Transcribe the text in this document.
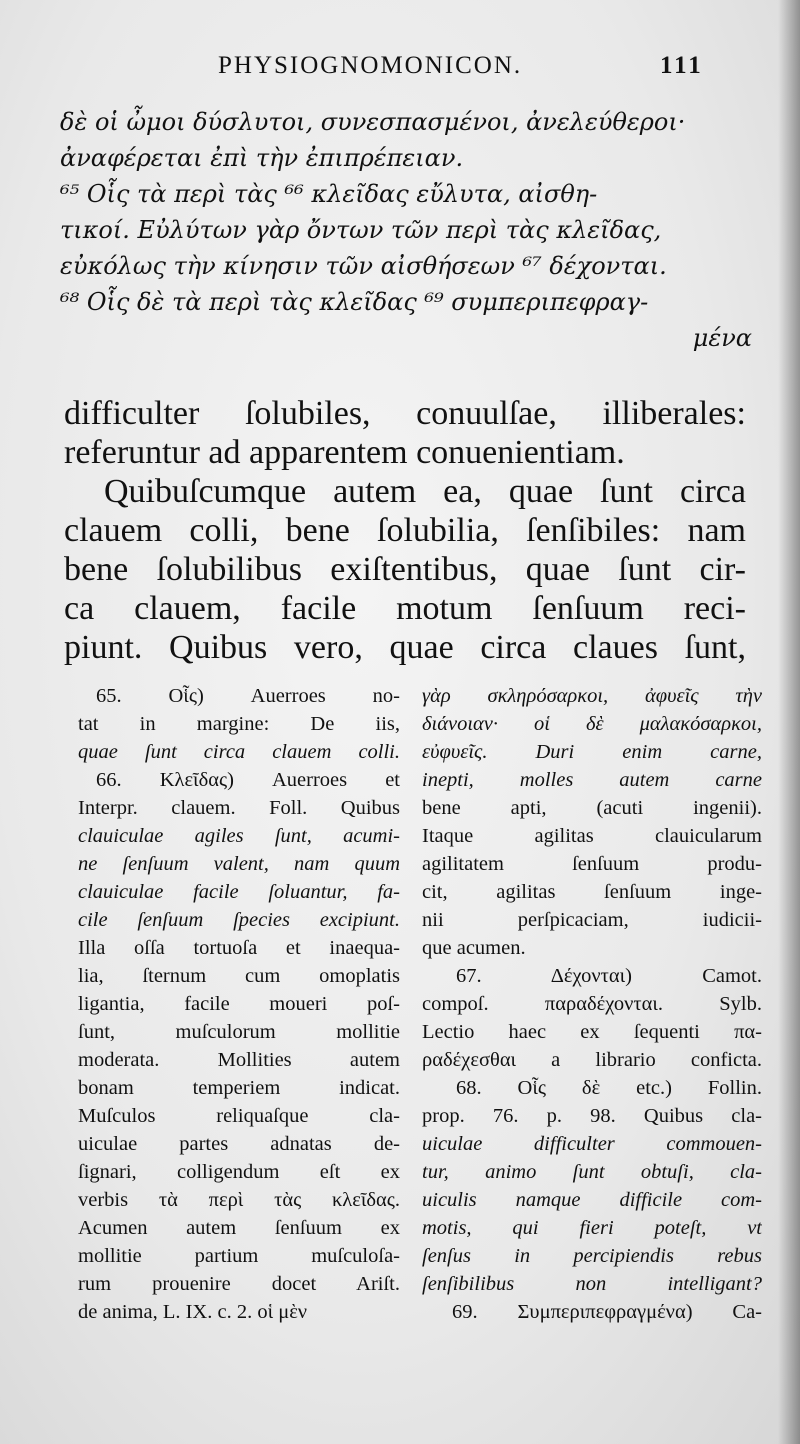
PHYSIOGNOMONICON.	111
δὲ οἱ ὦμοι δύσλυτοι, συνεσπασμένοι, ἀνελεύθεροι·
ἀναφέρεται ἐπὶ τὴν ἐπιπρέπειαν.
⁶⁵ Οἷς τὰ περὶ τὰς ⁶⁶ κλεῖδας εὔλυτα, αἰσθη-
τικοί. Εὐλύτων γὰρ ὄντων τῶν περὶ τὰς κλεῖδας,
εὐκόλως τὴν κίνησιν τῶν αἰσθήσεων ⁶⁷ δέχονται.
⁶⁸ Οἷς δὲ τὰ περὶ τὰς κλεῖδας ⁶⁹ συμπεριπεφραγ-
μένα
difficulter ſolubiles, conuulſae, illiberales:
referuntur ad apparentem conuenientiam.
Quibuſcumque autem ea, quae ſunt circa
clauem colli, bene ſolubilia, ſenſibiles: nam
bene ſolubilibus exiſtentibus, quae ſunt cir-
ca clauem, facile motum ſenſuum reci-
piunt. Quibus vero, quae circa claues ſunt,
65. Οἷς) Auerroes no-
tat in margine: De iis,
quae ſunt circa clauem colli.
66. Κλεῖδας) Auerroes et
Interpr. clauem. Foll. Quibus
clauiculae agiles ſunt, acumi-
ne ſenſuum valent, nam quum
clauiculae facile ſoluantur, fa-
cile ſenſuum ſpecies excipiunt.
Illa oſſa tortuoſa et inaequa-
lia, ſternum cum omoplatis
ligantia, facile moueri poſ-
ſunt, muſculorum mollitie
moderata. Mollities autem
bonam temperiem indicat.
Muſculos reliquaſque cla-
uiculae partes adnatas de-
ſignari, colligendum eſt ex
verbis τὰ περὶ τὰς κλεῖδας.
Acumen autem ſenſuum ex
mollitie partium muſculoſa-
rum prouenire docet Ariſt.
de anima, L. IX. c. 2. οἱ μὲν
γὰρ σκληρόσαρκοι, ἀφυεῖς τὴν
διάνοιαν· οἱ δὲ μαλακόσαρκοι,
εὐφυεῖς. Duri enim carne,
inepti, molles autem carne
bene apti, (acuti ingenii).
Itaque agilitas clauicularum
agilitatem ſenſuum produ-
cit, agilitas ſenſuum inge-
nii perſpicaciam, iudicii-
que acumen.
67. Δέχονται) Camot.
compoſ. παραδέχονται. Sylb.
Lectio haec ex ſequenti πα-
ραδέχεσθαι a librario confiсta.
68. Οἷς δὲ etc.) Follin.
prop. 76. p. 98. Quibus cla-
uiculae difficulter commouen-
tur, animo ſunt obtuſi, cla-
uiculis namque difficile com-
motis, qui fieri poteſt, vt
ſenſus in percipiendis rebus
ſenſibilibus non intelligant?
69. Συμπεριπεφραγμένα) Ca-
